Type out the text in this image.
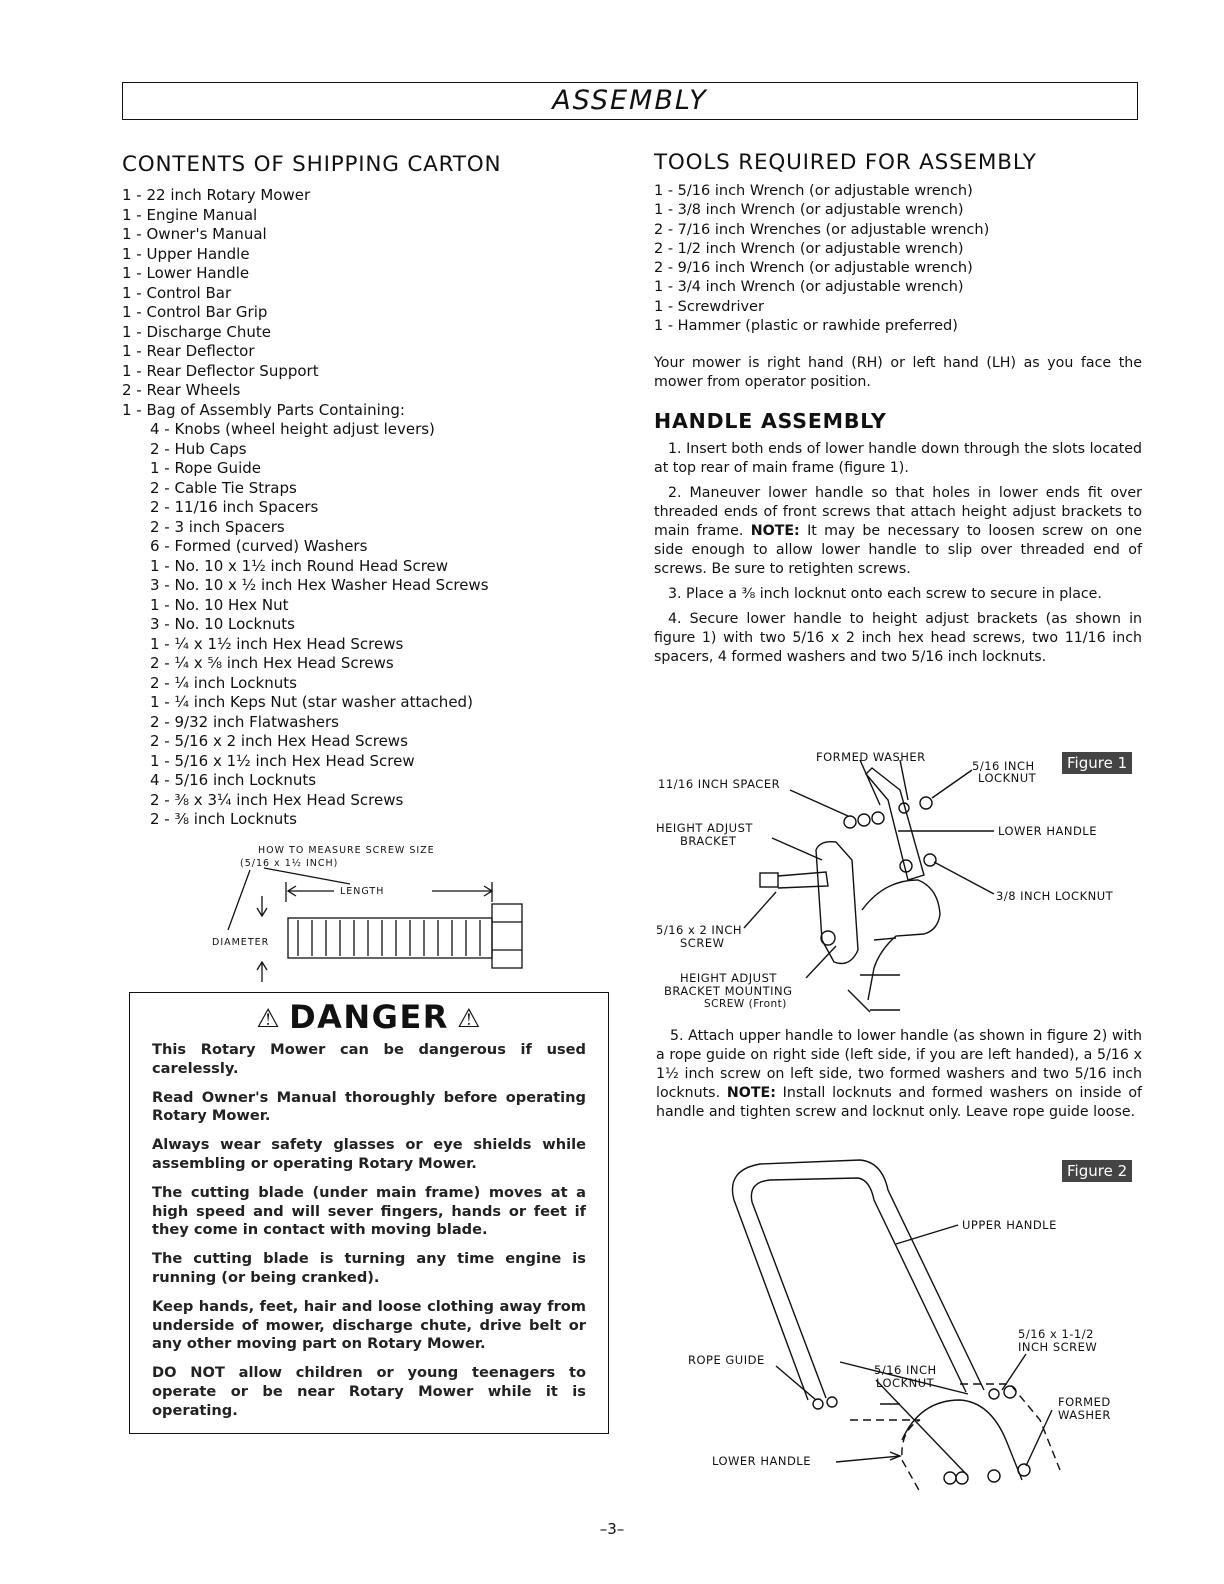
ASSEMBLY
CONTENTS OF SHIPPING CARTON
1 - 22 inch Rotary Mower
1 - Engine Manual
1 - Owner's Manual
1 - Upper Handle
1 - Lower Handle
1 - Control Bar
1 - Control Bar Grip
1 - Discharge Chute
1 - Rear Deflector
1 - Rear Deflector Support
2 - Rear Wheels
1 - Bag of Assembly Parts Containing:
4 - Knobs (wheel height adjust levers)
2 - Hub Caps
1 - Rope Guide
2 - Cable Tie Straps
2 - 11/16 inch Spacers
2 - 3 inch Spacers
6 - Formed (curved) Washers
1 - No. 10 x 1½ inch Round Head Screw
3 - No. 10 x ½ inch Hex Washer Head Screws
1 - No. 10 Hex Nut
3 - No. 10 Locknuts
1 - ¼ x 1½ inch Hex Head Screws
2 - ¼ x ⅝ inch Hex Head Screws
2 - ¼ inch Locknuts
1 - ¼ inch Keps Nut (star washer attached)
2 - 9/32 inch Flatwashers
2 - 5/16 x 2 inch Hex Head Screws
1 - 5/16 x 1½ inch Hex Head Screw
4 - 5/16 inch Locknuts
2 - ⅜ x 3¼ inch Hex Head Screws
2 - ⅜ inch Locknuts
HOW TO MEASURE SCREW SIZE
(5/16 x 1½ INCH)
LENGTH
DIAMETER
⚠ DANGER ⚠

This Rotary Mower can be dangerous if used carelessly.

Read Owner's Manual thoroughly before operating Rotary Mower.

Always wear safety glasses or eye shields while assembling or operating Rotary Mower.

The cutting blade (under main frame) moves at a high speed and will sever fingers, hands or feet if they come in contact with moving blade.

The cutting blade is turning any time engine is running (or being cranked).

Keep hands, feet, hair and loose clothing away from underside of mower, discharge chute, drive belt or any other moving part on Rotary Mower.

DO NOT allow children or young teenagers to operate or be near Rotary Mower while it is operating.

TOOLS REQUIRED FOR ASSEMBLY
1 - 5/16 inch Wrench (or adjustable wrench)
1 - 3/8 inch Wrench (or adjustable wrench)
2 - 7/16 inch Wrenches (or adjustable wrench)
2 - 1/2 inch Wrench (or adjustable wrench)
2 - 9/16 inch Wrench (or adjustable wrench)
1 - 3/4 inch Wrench (or adjustable wrench)
1 - Screwdriver
1 - Hammer (plastic or rawhide preferred)

Your mower is right hand (RH) or left hand (LH) as you face the mower from operator position.

HANDLE ASSEMBLY

1. Insert both ends of lower handle down through the slots located at top rear of main frame (figure 1).

2. Maneuver lower handle so that holes in lower ends fit over threaded ends of front screws that attach height adjust brackets to main frame. NOTE: It may be necessary to loosen screw on one side enough to allow lower handle to slip over threaded end of screws. Be sure to retighten screws.

3. Place a ⅜ inch locknut onto each screw to secure in place.

4. Secure lower handle to height adjust brackets (as shown in figure 1) with two 5/16 x 2 inch hex head screws, two 11/16 inch spacers, 4 formed washers and two 5/16 inch locknuts.

Figure 1
FORMED WASHER
5/16 INCH
LOCKNUT
11/16 INCH SPACER
HEIGHT ADJUST
BRACKET
LOWER HANDLE
3/8 INCH LOCKNUT
5/16 x 2 INCH
SCREW
HEIGHT ADJUST
BRACKET MOUNTING
SCREW (Front)

5. Attach upper handle to lower handle (as shown in figure 2) with a rope guide on right side (left side, if you are left handed), a 5/16 x 1½ inch screw on left side, two formed washers and two 5/16 inch locknuts. NOTE: Install locknuts and formed washers on inside of handle and tighten screw and locknut only. Leave rope guide loose.

Figure 2
UPPER HANDLE
5/16 x 1-1/2
INCH SCREW
ROPE GUIDE
5/16 INCH
LOCKNUT
FORMED
WASHER
LOWER HANDLE
–3–
